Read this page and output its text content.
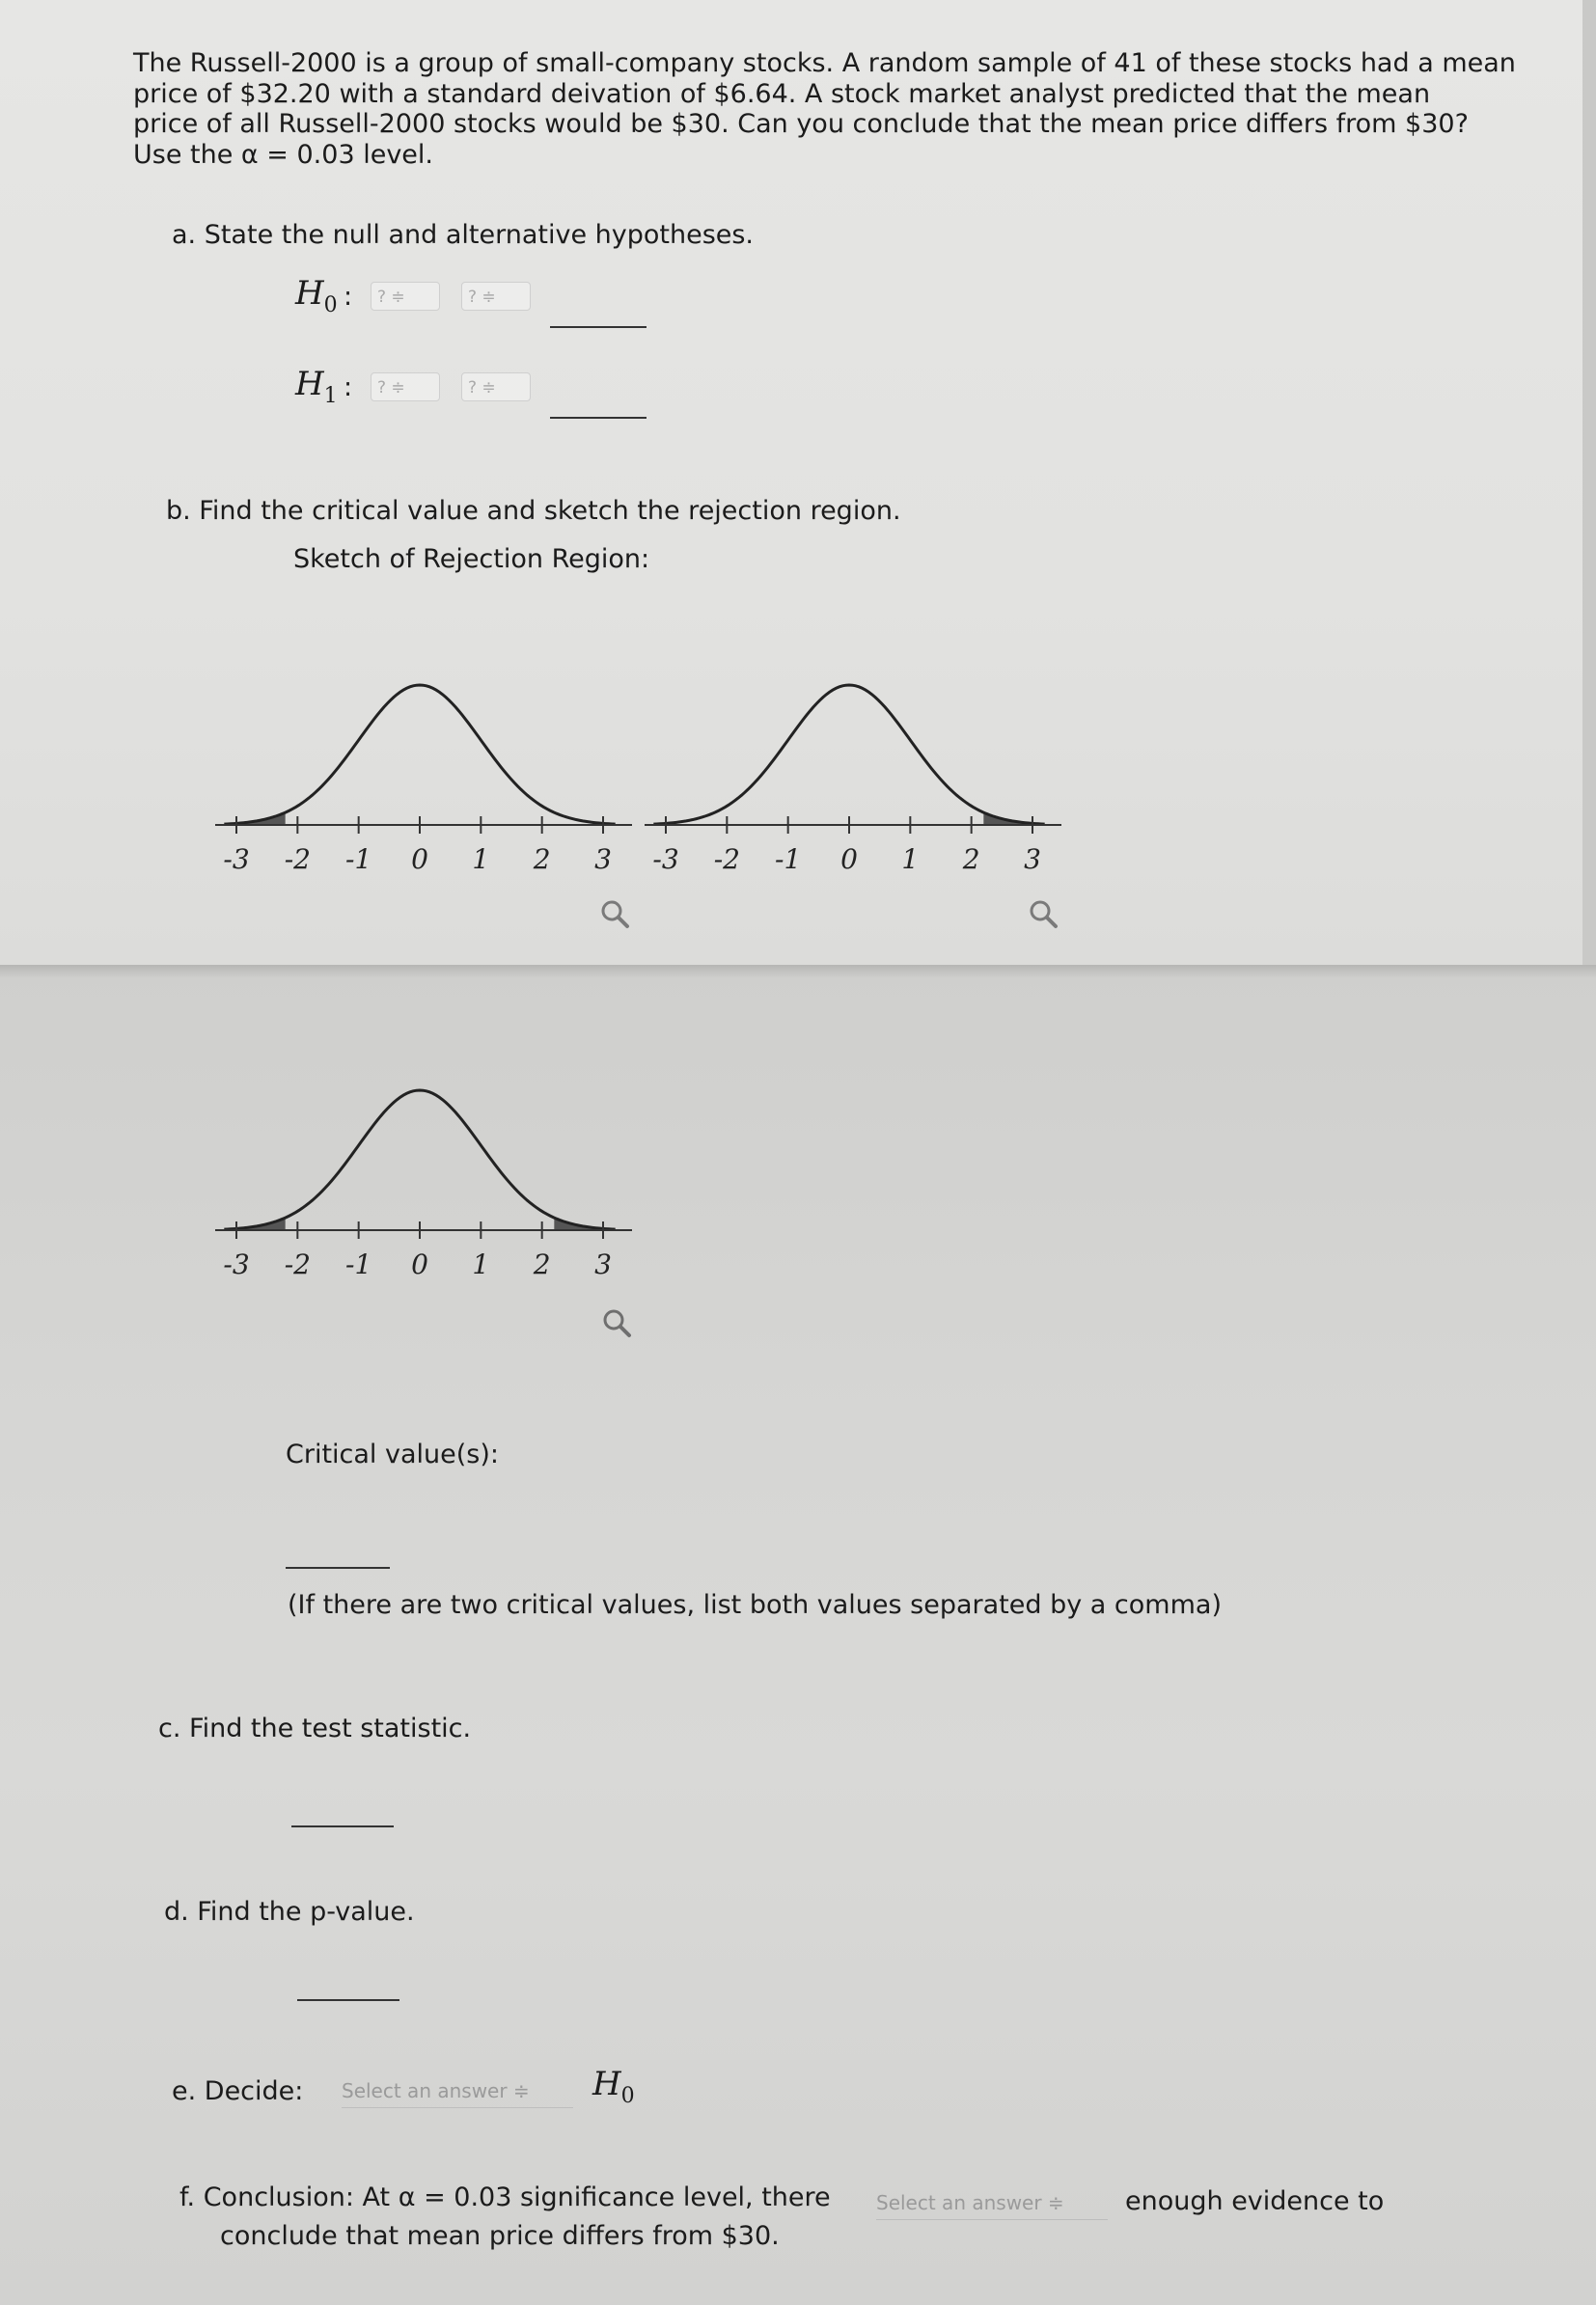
The Russell-2000 is a group of small-company stocks. A random sample of 41 of these stocks had a mean
price of $32.20 with a standard deivation of $6.64. A stock market analyst predicted that the mean
price of all Russell-2000 stocks would be $30. Can you conclude that the mean price differs from $30?
Use the α = 0.03 level.
a. State the null and alternative hypotheses.
$H_0$ :	? ≑	? ≑
$H_1$ :	? ≑	? ≑
b. Find the critical value and sketch the rejection region.
Sketch of Rejection Region:
-3 -2 -1 0 1 2 3 -3 -2 -1 0 1 2 3
-3 -2 -1 0 1 2 3
Critical value(s):
(If there are two critical values, list both values separated by a comma)
c. Find the test statistic.
d. Find the p-value.
e. Decide: Select an answer ≑	$H_0$
f. Conclusion: At α = 0.03 significance level, there Select an answer ≑	enough evidence to
conclude that mean price differs from $30.
